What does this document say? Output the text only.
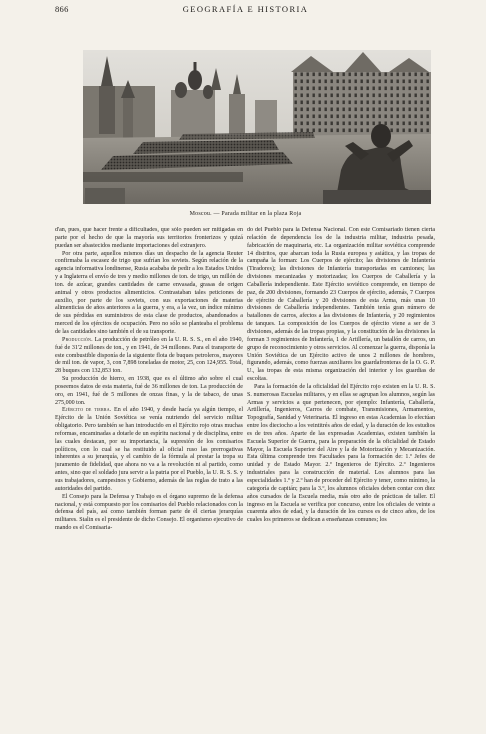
866	GEOGRAFÍA E HISTORIA
Moscou. — Parada militar en la plaza Roja

d'an, pues, que hacer frente a dificultades, que sólo pueden ser mitigadas en parte por el hecho de que la mayoría sus territorios fronterizos y quizá puedan ser abastecidos mediante importaciones del extranjero.

Por otra parte, aquellos mismos días un despacho de la agencia Reuter confirmaba la escasez de trigo que sufrían los soviets. Según relación de la agencia informativa londinense, Rusia acababa de pedir a los Estados Unidos y a Inglaterra el envío de tres y medio millones de ton. de trigo, un millón de ton. de azúcar, grandes cantidades de carne envasada, grasas de origen animal y otros productos alimenticios. Contrastaban tales peticiones de auxilio, por parte de los soviets, con sus exportaciones de materias alimenticias de años anteriores a la guerra, y era, a la vez, un índice mínimo de sus pérdidas en suministros de esta clase de productos, abandonados a merced de los ejércitos de ocupación. Pero no sólo se planteaba el problema de las cantidades sino también el de su transporte.

Producción. La producción de petróleo en la U. R. S. S., en el año 1940, fué de 31'2 millones de ton., y en 1941, de 34 millones. Para el transporte de este combustible disponía de la siguiente flota de buques petroleros, mayores de mil ton. de vapor, 3, con 7,898 toneladas de motor, 25, con 124,955. Total, 28 buques con 132,853 ton.

Su producción de hierro, en 1938, que es el último año sobre el cual poseemos datos de esta materia, fué de 36 millones de ton. La producción de oro, en 1941, fué de 5 millones de onzas finas, y la de tabaco, de unas 275,000 ton.

Ejército de tierra. En el año 1940, y desde hacía ya algún tiempo, el Ejército de la Unión Soviética se venía nutriendo del servicio militar obligatorio. Pero también se han introducido en el Ejército rojo otras muchas reformas, encaminadas a dotarle de un espíritu nacional y de disciplina, entre las cuales destacan, por su importancia, la supresión de los comisarios políticos, con lo cual se ha restituido al oficial ruso las prerrogativas inherentes a su jerarquía, y el cambio de la fórmula al prestar la tropa su juramento de fidelidad, que ahora no va a la revolución ni al partido, como antes, sino que el soldado jura servir a la patria por el Pueblo, la U. R. S. S. y sus trabajadores, campesinos y Gobierno, además de las reglas de trato a las autoridades del partido.

El Consejo para la Defensa y Trabajo es el órgano supremo de la defensa nacional, y está compuesto por los comisarios del Pueblo relacionados con la defensa del país, así como también forman parte de él ciertas jerarquías militares. Stalin es el presidente de dicho Consejo. El organismo ejecutivo de mando es el Comisaria-

do del Pueblo para la Defensa Nacional. Con este Comisariado tienen cierta relación de dependencia los de la industria militar, industria pesada, fabricación de maquinaria, etc. La organización militar soviética comprende 14 distritos, que abarcan toda la Rusia europea y asiática, y las tropas de campaña la forman: Los Cuerpos de ejército; las divisiones de Infantería (Tiradores); las divisiones de Infantería transportadas en camiones; las divisiones mecanizadas y motorizadas; los Cuerpos de Caballería y la Caballería independiente. Este Ejército soviético comprende, en tiempo de paz, de 200 divisiones, formando 23 Cuerpos de ejército, además, 7 Cuerpos de ejército de Caballería y 20 divisiones de esta Arma, más unas 10 divisiones de Caballería independientes. También tenía gran número de batallones de carros, afectos a las divisiones de Infantería, y 20 regimientos de tanques. La composición de los Cuerpos de ejército viene a ser de 3 divisiones, además de las tropas propias, y la constitución de las divisiones la forman 3 regimientos de Infantería, 1 de Artillería, un batallón de carros, un grupo de reconocimiento y otros servicios. Al comenzar la guerra, disponía la Unión Soviética de un Ejército activo de unos 2 millones de hombres, figurando, además, como fuerzas auxiliares los guardafronteras de la O. G. P. U., las tropas de esta misma organización del interior y los guardias de escoltas.

Para la formación de la oficialidad del Ejército rojo existen en la U. R. S. S. numerosas Escuelas militares, y en ellas se agrupan los alumnos, según las Armas y servicios a que pertenecen, por ejemplo: Infantería, Caballería, Artillería, Ingenieros, Carros de combate, Transmisiones, Armamentos, Topografía, Sanidad y Veterinaria. El ingreso en estas Academias lo efectúan entre los dieciocho a los veintitrés años de edad, y la duración de los estudios es de tres años. Aparte de las expresadas Academias, existen también la Escuela Superior de Guerra, para la preparación de la oficialidad de Estado Mayor, la Escuela Superior del Aire y la de Motorización y Mecanización. Esta última comprende tres Facultades para la formación de: 1.º Jefes de unidad y de Estado Mayor. 2.º Ingenieros de Ejército. 2.º Ingenieros industriales para la construcción de material. Los alumnos para las especialidades 1.º y 2.º han de proceder del Ejército y tener, como mínimo, la categoría de capitán; para la 3.º, los alumnos oficiales deben contar con diez años cursados de la Escuela media, más otro año de prácticas de taller. El ingreso en la Escuela se verifica por concurso, entre los oficiales de veinte a cuarenta años de edad, y la duración de los cursos es de cinco años, de los cuales los primeros se dedican a enseñanzas comunes; los
